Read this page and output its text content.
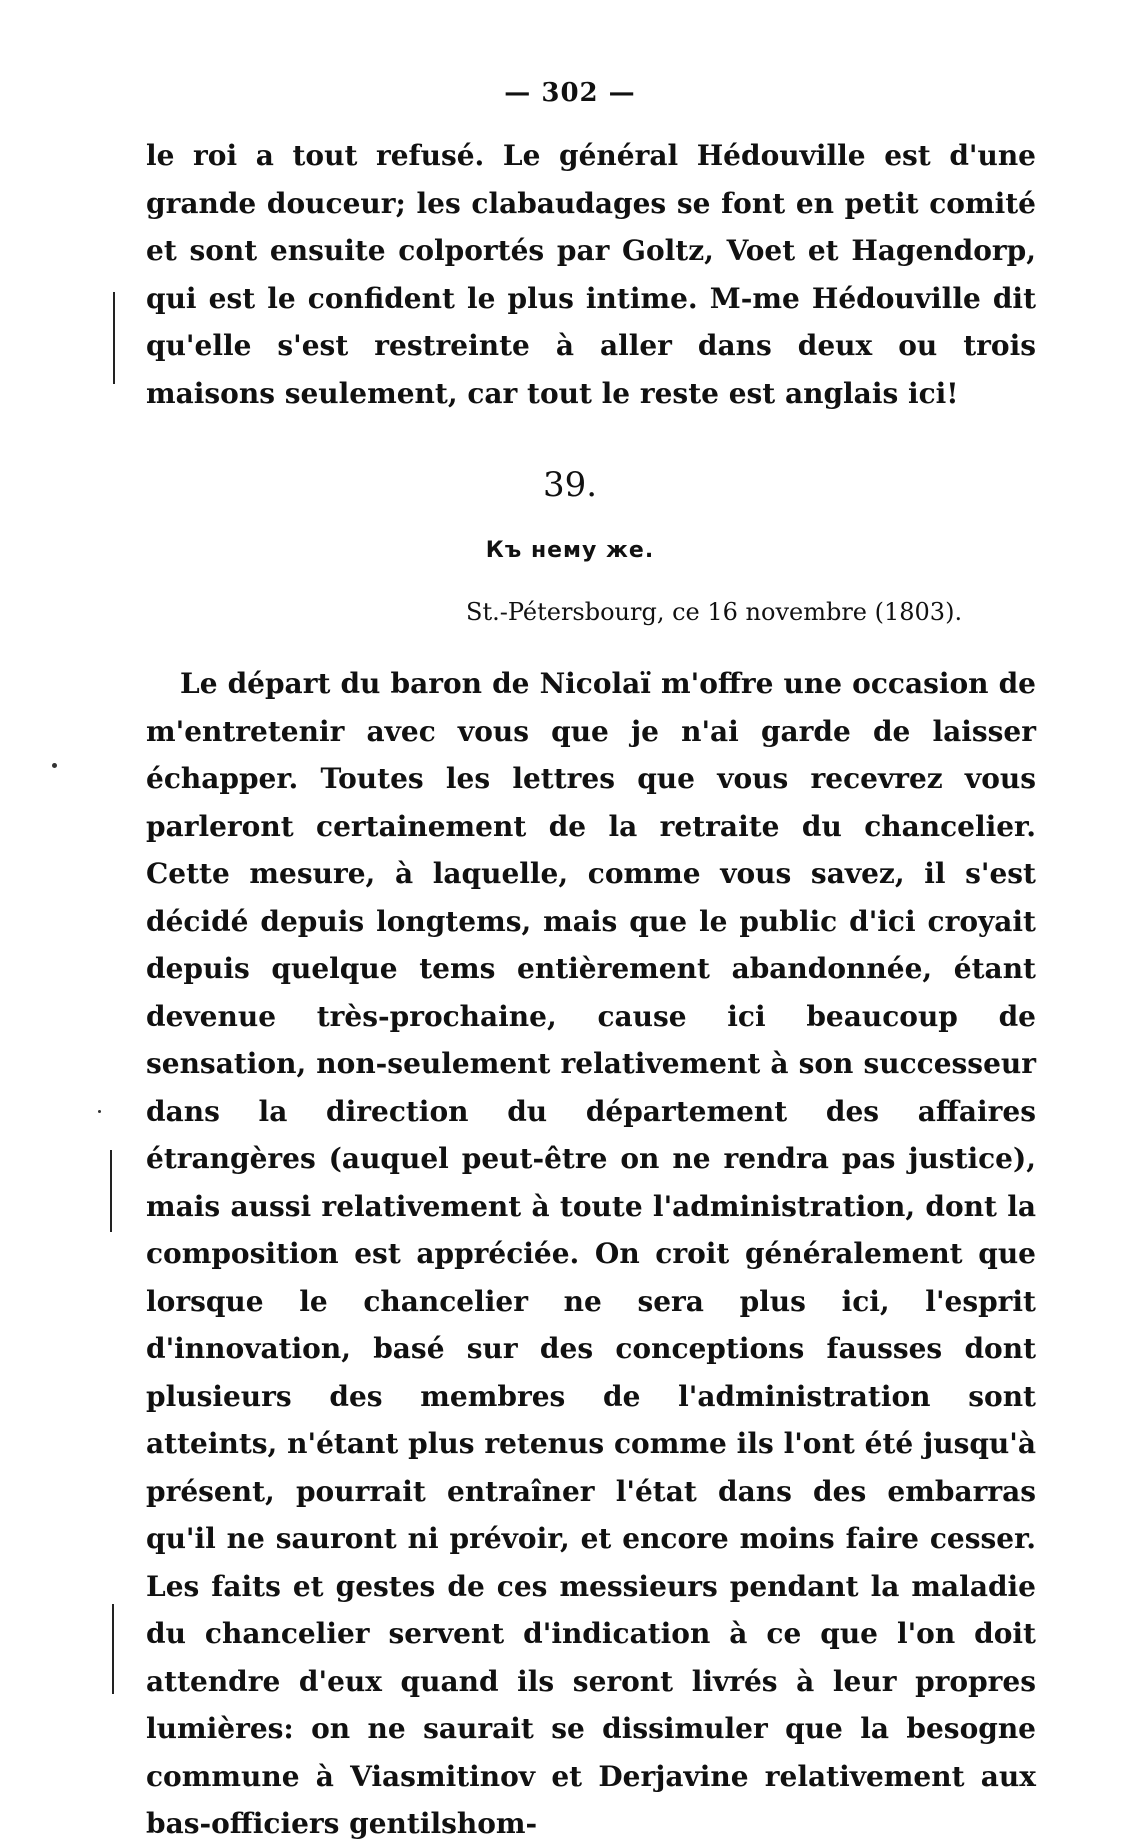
— 302 —

le roi a tout refusé. Le général Hédouville est d'une grande douceur; les clabaudages se font en petit comité et sont ensuite colportés par Goltz, Voet et Hagendorp, qui est le confident le plus intime. M-me Hédouville dit qu'elle s'est restreinte à aller dans deux ou trois maisons seulement, car tout le reste est anglais ici!

39.
Къ нему же.
St.-Pétersbourg, ce 16 novembre (1803).

Le départ du baron de Nicolaï m'offre une occasion de m'entretenir avec vous que je n'ai garde de laisser échapper. Toutes les lettres que vous recevrez vous parleront certainement de la retraite du chancelier. Cette mesure, à laquelle, comme vous savez, il s'est décidé depuis longtems, mais que le public d'ici croyait depuis quelque tems entièrement abandonnée, étant devenue très-prochaine, cause ici beaucoup de sensation, non-seulement relativement à son successeur dans la direction du département des affaires étrangères (auquel peut-être on ne rendra pas justice), mais aussi relativement à toute l'administration, dont la composition est appréciée. On croit généralement que lorsque le chancelier ne sera plus ici, l'esprit d'innovation, basé sur des conceptions fausses dont plusieurs des membres de l'administration sont atteints, n'étant plus retenus comme ils l'ont été jusqu'à présent, pourrait entraîner l'état dans des embarras qu'il ne sauront ni prévoir, et encore moins faire cesser. Les faits et gestes de ces messieurs pendant la maladie du chancelier servent d'indication à ce que l'on doit attendre d'eux quand ils seront livrés à leur propres lumières: on ne saurait se dissimuler que la besogne commune à Viasmitinov et Derjavine relativement aux bas-officiers gentilshom-
